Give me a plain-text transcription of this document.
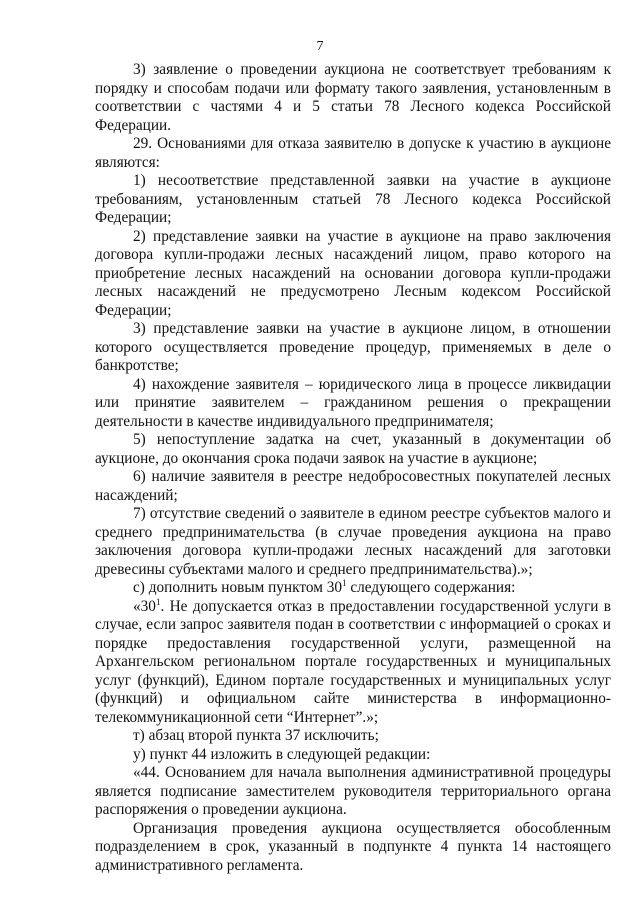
7

3) заявление о проведении аукциона не соответствует требованиям к порядку и способам подачи или формату такого заявления, установленным в соответствии с частями 4 и 5 статьи 78 Лесного кодекса Российской Федерации.

29. Основаниями для отказа заявителю в допуске к участию в аукционе являются:

1) несоответствие представленной заявки на участие в аукционе требованиям, установленным статьей 78 Лесного кодекса Российской Федерации;

2) представление заявки на участие в аукционе на право заключения договора купли-продажи лесных насаждений лицом, право которого на приобретение лесных насаждений на основании договора купли-продажи лесных насаждений не предусмотрено Лесным кодексом Российской Федерации;

3) представление заявки на участие в аукционе лицом, в отношении которого осуществляется проведение процедур, применяемых в деле о банкротстве;

4) нахождение заявителя – юридического лица в процессе ликвидации или принятие заявителем – гражданином решения о прекращении деятельности в качестве индивидуального предпринимателя;

5) непоступление задатка на счет, указанный в документации об аукционе, до окончания срока подачи заявок на участие в аукционе;

6) наличие заявителя в реестре недобросовестных покупателей лесных насаждений;

7) отсутствие сведений о заявителе в едином реестре субъектов малого и среднего предпринимательства (в случае проведения аукциона на право заключения договора купли-продажи лесных насаждений для заготовки древесины субъектами малого и среднего предпринимательства).»;

с) дополнить новым пунктом $30^1$ следующего содержания:

«$30^1$. Не допускается отказ в предоставлении государственной услуги в случае, если запрос заявителя подан в соответствии с информацией о сроках и порядке предоставления государственной услуги, размещенной на Архангельском региональном портале государственных и муниципальных услуг (функций), Едином портале государственных и муниципальных услуг (функций) и официальном сайте министерства в информационно-телекоммуникационной сети “Интернет”.»;

т) абзац второй пункта 37 исключить;

у) пункт 44 изложить в следующей редакции:

«44. Основанием для начала выполнения административной процедуры является подписание заместителем руководителя территориального органа распоряжения о проведении аукциона.

Организация проведения аукциона осуществляется обособленным подразделением в срок, указанный в подпункте 4 пункта 14 настоящего административного регламента.
